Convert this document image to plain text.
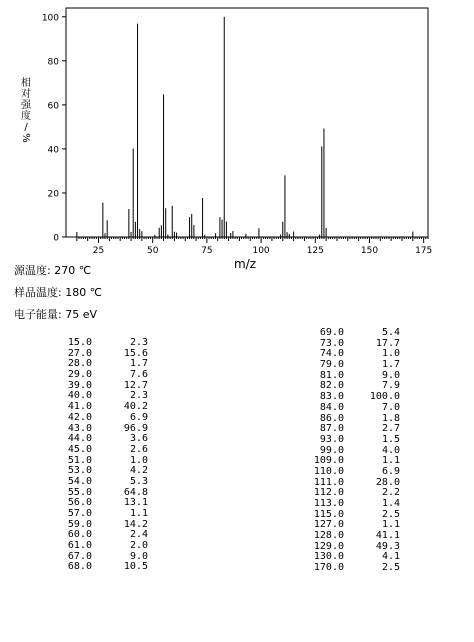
0
20
40
60
80
100
25	50	75	100	125	150	175
m/z
相
对
强
度
/
%
源温度: 270 ℃
样品温度: 180 ℃
电子能量: 75 eV
15.0	2.3
27.0	15.6
28.0	1.7
29.0	7.6
39.0	12.7
40.0	2.3
41.0	40.2
42.0	6.9
43.0	96.9
44.0	3.6
45.0	2.6
51.0	1.0
53.0	4.2
54.0	5.3
55.0	64.8
56.0	13.1
57.0	1.1
59.0	14.2
60.0	2.4
61.0	2.0
67.0	9.0
68.0	10.5
69.0	5.4
73.0	17.7
74.0	1.0
79.0	1.7
81.0	9.0
82.0	7.9
83.0	100.0
84.0	7.0
86.0	1.8
87.0	2.7
93.0	1.5
99.0	4.0
109.0	1.1
110.0	6.9
111.0	28.0
112.0	2.2
113.0	1.4
115.0	2.5
127.0	1.1
128.0	41.1
129.0	49.3
130.0	4.1
170.0	2.5
